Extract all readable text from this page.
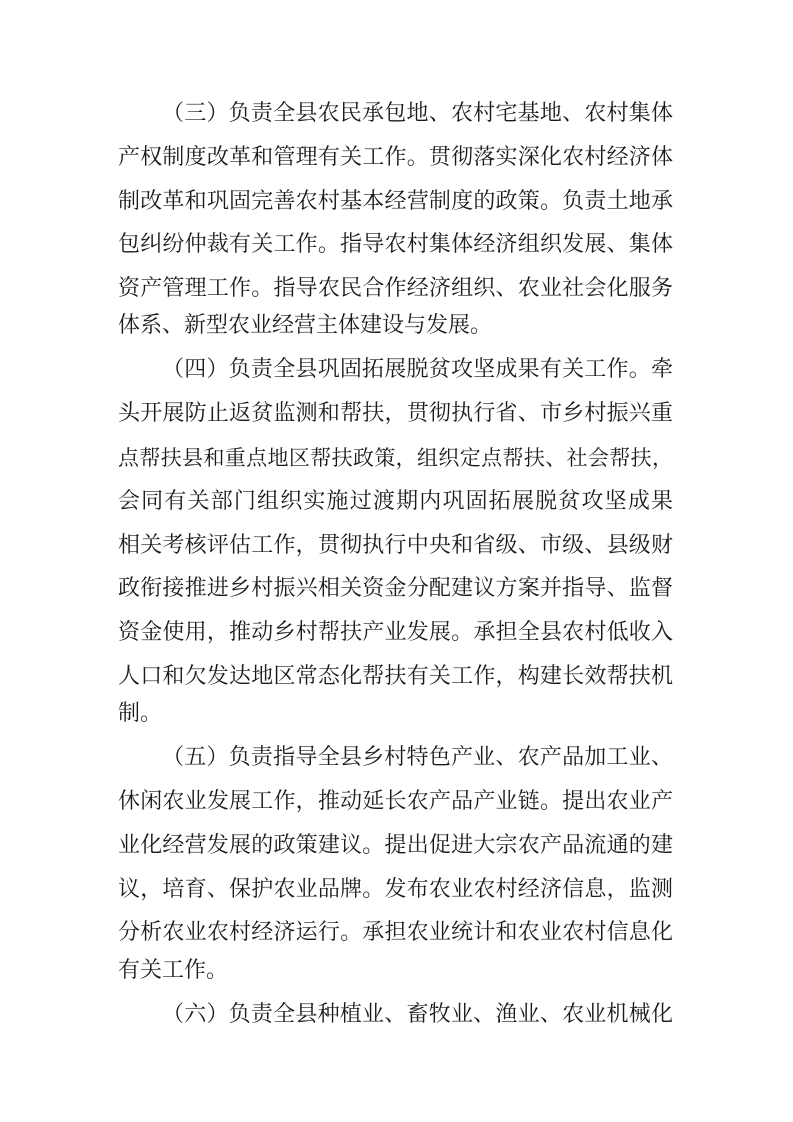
（三）负责全县农民承包地、农村宅基地、农村集体
产权制度改革和管理有关工作。贯彻落实深化农村经济体
制改革和巩固完善农村基本经营制度的政策。负责土地承
包纠纷仲裁有关工作。指导农村集体经济组织发展、集体
资产管理工作。指导农民合作经济组织、农业社会化服务
体系、新型农业经营主体建设与发展。
（四）负责全县巩固拓展脱贫攻坚成果有关工作。牵
头开展防止返贫监测和帮扶，贯彻执行省、市乡村振兴重
点帮扶县和重点地区帮扶政策，组织定点帮扶、社会帮扶，
会同有关部门组织实施过渡期内巩固拓展脱贫攻坚成果
相关考核评估工作，贯彻执行中央和省级、市级、县级财
政衔接推进乡村振兴相关资金分配建议方案并指导、监督
资金使用，推动乡村帮扶产业发展。承担全县农村低收入
人口和欠发达地区常态化帮扶有关工作，构建长效帮扶机
制。
（五）负责指导全县乡村特色产业、农产品加工业、
休闲农业发展工作，推动延长农产品产业链。提出农业产
业化经营发展的政策建议。提出促进大宗农产品流通的建
议，培育、保护农业品牌。发布农业农村经济信息，监测
分析农业农村经济运行。承担农业统计和农业农村信息化
有关工作。
（六）负责全县种植业、畜牧业、渔业、农业机械化
